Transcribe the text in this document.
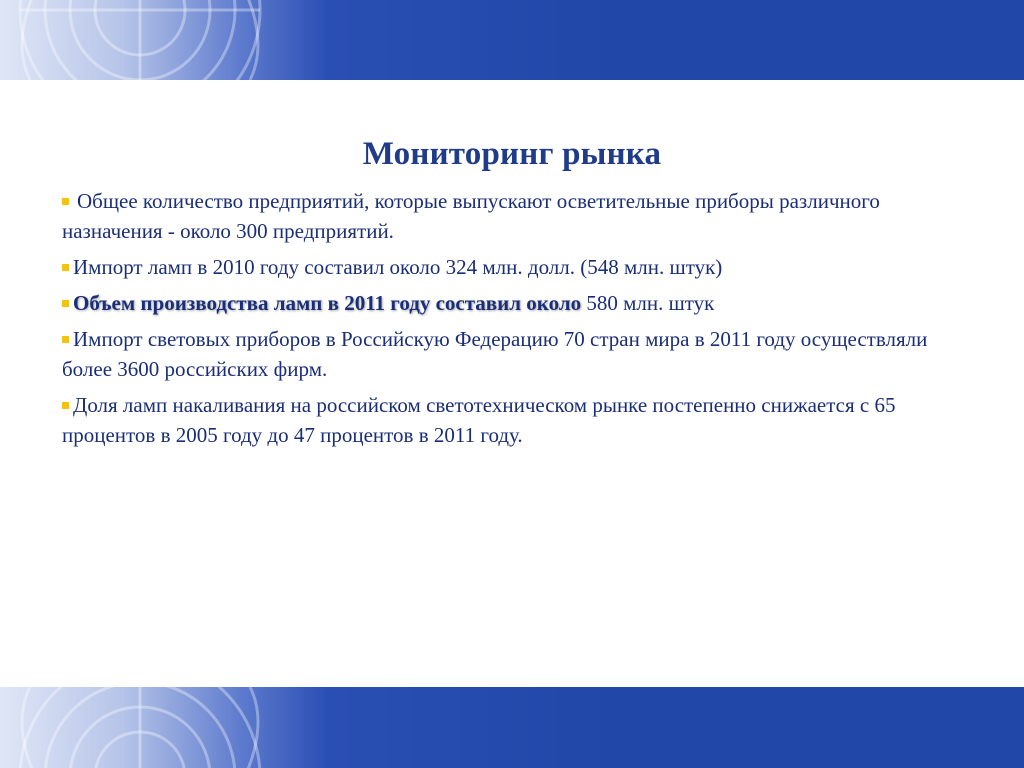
Мониторинг рынка

Общее количество предприятий, которые выпускают осветительные приборы различного назначения - около 300 предприятий.

Импорт ламп в 2010 году составил около 324 млн. долл. (548 млн. штук)

Объем производства ламп в 2011 году составил около 580 млн. штук

Импорт световых приборов в Российскую Федерацию 70 стран мира в 2011 году осуществляли более 3600 российских фирм.

Доля ламп накаливания на российском светотехническом рынке постепенно снижается с 65 процентов в 2005 году до 47 процентов в 2011 году.
